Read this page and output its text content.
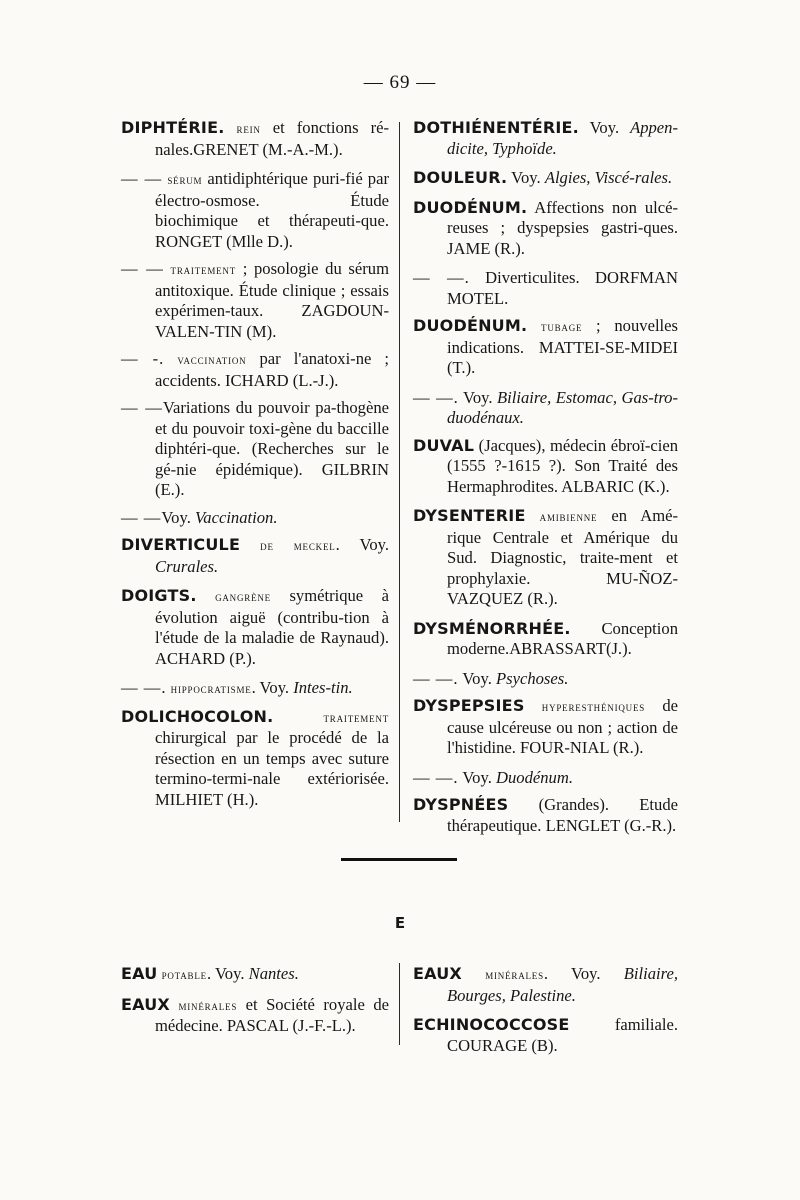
— 69 —

DIPHTÉRIE. rein et fonctions ré-nales.GRENET (M.-A.-M.).

— — sérum antidiphtérique puri-fié par électro-osmose. Étude biochimique et thérapeuti-que. RONGET (Mlle D.).

— — traitement ; posologie du sérum antitoxique. Étude clinique ; essais expérimen-taux. ZAGDOUN-VALEN-TIN (M).

— -. vaccination par l'anatoxi-ne ; accidents. ICHARD (L.-J.).

— —Variations du pouvoir pa-thogène et du pouvoir toxi-gène du baccille diphtéri-que. (Recherches sur le gé-nie épidémique). GILBRIN (E.).

— —Voy. Vaccination.

DIVERTICULE de meckel. Voy. Crurales.

DOIGTS. gangrène symétrique à évolution aiguë (contribu-tion à l'étude de la maladie de Raynaud). ACHARD (P.).

— —. hippocratisme. Voy. Intes-tin.

DOLICHOCOLON.	traitement chirurgical par le procédé de la résection en un temps avec suture termino-termi-nale extériorisée. MILHIET (H.).

DOTHIÉNENTÉRIE. Voy. Appen-dicite, Typhoïde.

DOULEUR. Voy. Algies, Viscé-rales.

DUODÉNUM. Affections non ulcé-reuses ; dyspepsies gastri-ques. JAME (R.).

— —. Diverticulites. DORFMAN MOTEL.

DUODÉNUM. tubage ; nouvelles indications. MATTEI-SE-MIDEI (T.).

— —. Voy. Biliaire, Estomac, Gas-tro-duodénaux.

DUVAL (Jacques), médecin ébroï-cien (1555 ?-1615 ?). Son Traité des Hermaphrodites. ALBARIC (K.).

DYSENTERIE amibienne en Amé-rique Centrale et Amérique du Sud. Diagnostic, traite-ment et prophylaxie. MU-ÑOZ-VAZQUEZ (R.).

DYSMÉNORRHÉE. Conception moderne.ABRASSART(J.).

— —. Voy. Psychoses.

DYSPEPSIES hyperesthéniques de cause ulcéreuse ou non ; action de l'histidine. FOUR-NIAL (R.).

— —. Voy. Duodénum.

DYSPNÉES (Grandes). Etude thérapeutique. LENGLET (G.-R.).

E

EAU potable. Voy. Nantes.

EAUX minérales et Société royale de médecine. PASCAL (J.-F.-L.).

EAUX minérales. Voy. Biliaire, Bourges, Palestine.

ECHINOCOCCOSE familiale. COURAGE (B).
